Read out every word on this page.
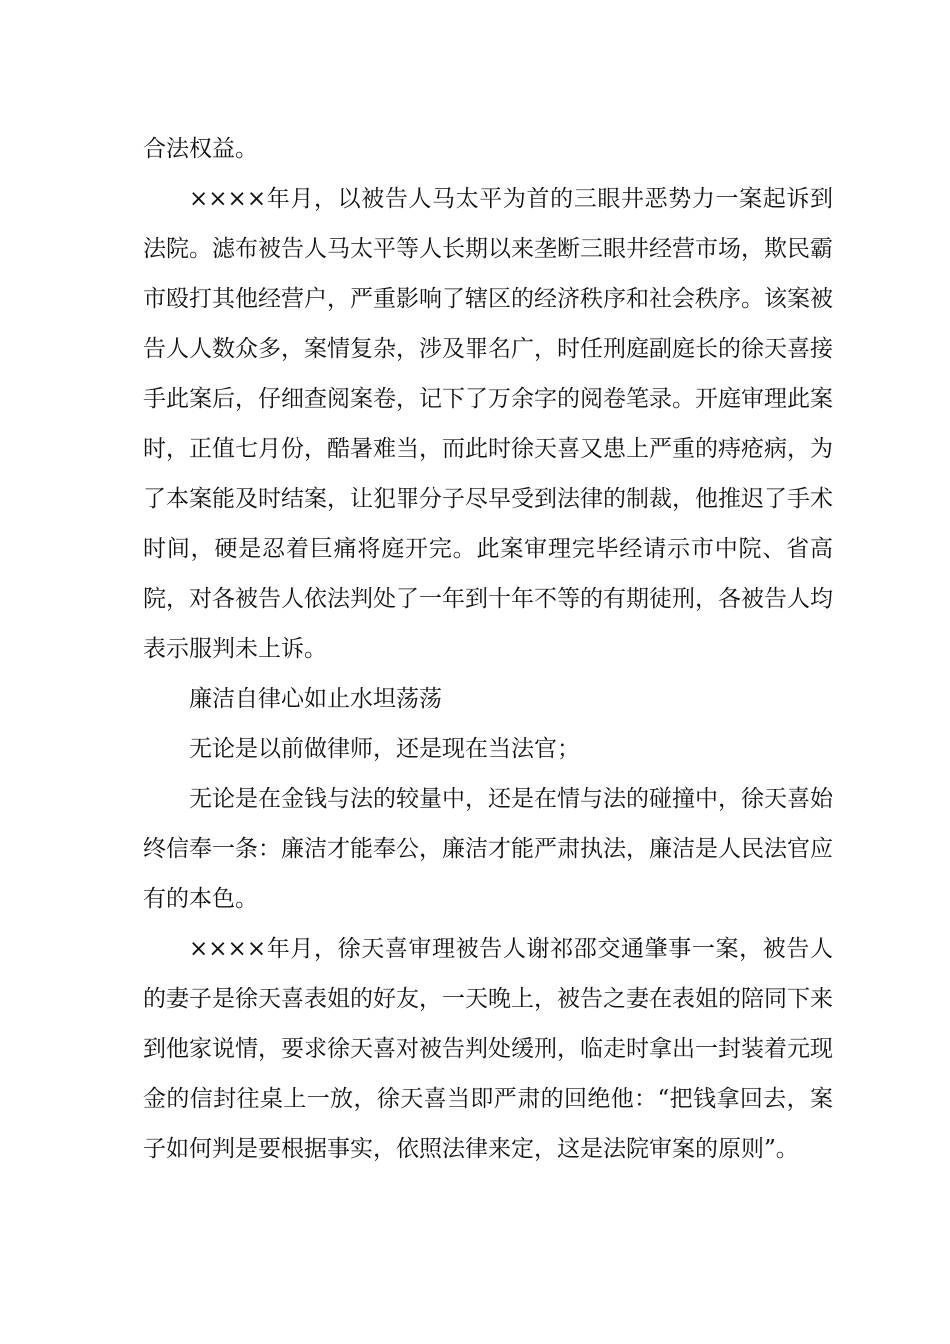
合法权益。

××××年月，以被告人马太平为首的三眼井恶势力一案起诉到法院。滤布被告人马太平等人长期以来垄断三眼井经营市场，欺民霸市殴打其他经营户，严重影响了辖区的经济秩序和社会秩序。该案被告人人数众多，案情复杂，涉及罪名广，时任刑庭副庭长的徐天喜接手此案后，仔细查阅案卷，记下了万余字的阅卷笔录。开庭审理此案时，正值七月份，酷暑难当，而此时徐天喜又患上严重的痔疮病，为了本案能及时结案，让犯罪分子尽早受到法律的制裁，他推迟了手术时间，硬是忍着巨痛将庭开完。此案审理完毕经请示市中院、省高院，对各被告人依法判处了一年到十年不等的有期徒刑，各被告人均表示服判未上诉。

廉洁自律心如止水坦荡荡

无论是以前做律师，还是现在当法官；

无论是在金钱与法的较量中，还是在情与法的碰撞中，徐天喜始终信奉一条：廉洁才能奉公，廉洁才能严肃执法，廉洁是人民法官应有的本色。

××××年月，徐天喜审理被告人谢祁邵交通肇事一案，被告人的妻子是徐天喜表姐的好友，一天晚上，被告之妻在表姐的陪同下来到他家说情，要求徐天喜对被告判处缓刑，临走时拿出一封装着元现金的信封往桌上一放，徐天喜当即严肃的回绝他：“把钱拿回去，案子如何判是要根据事实，依照法律来定，这是法院审案的原则”。
